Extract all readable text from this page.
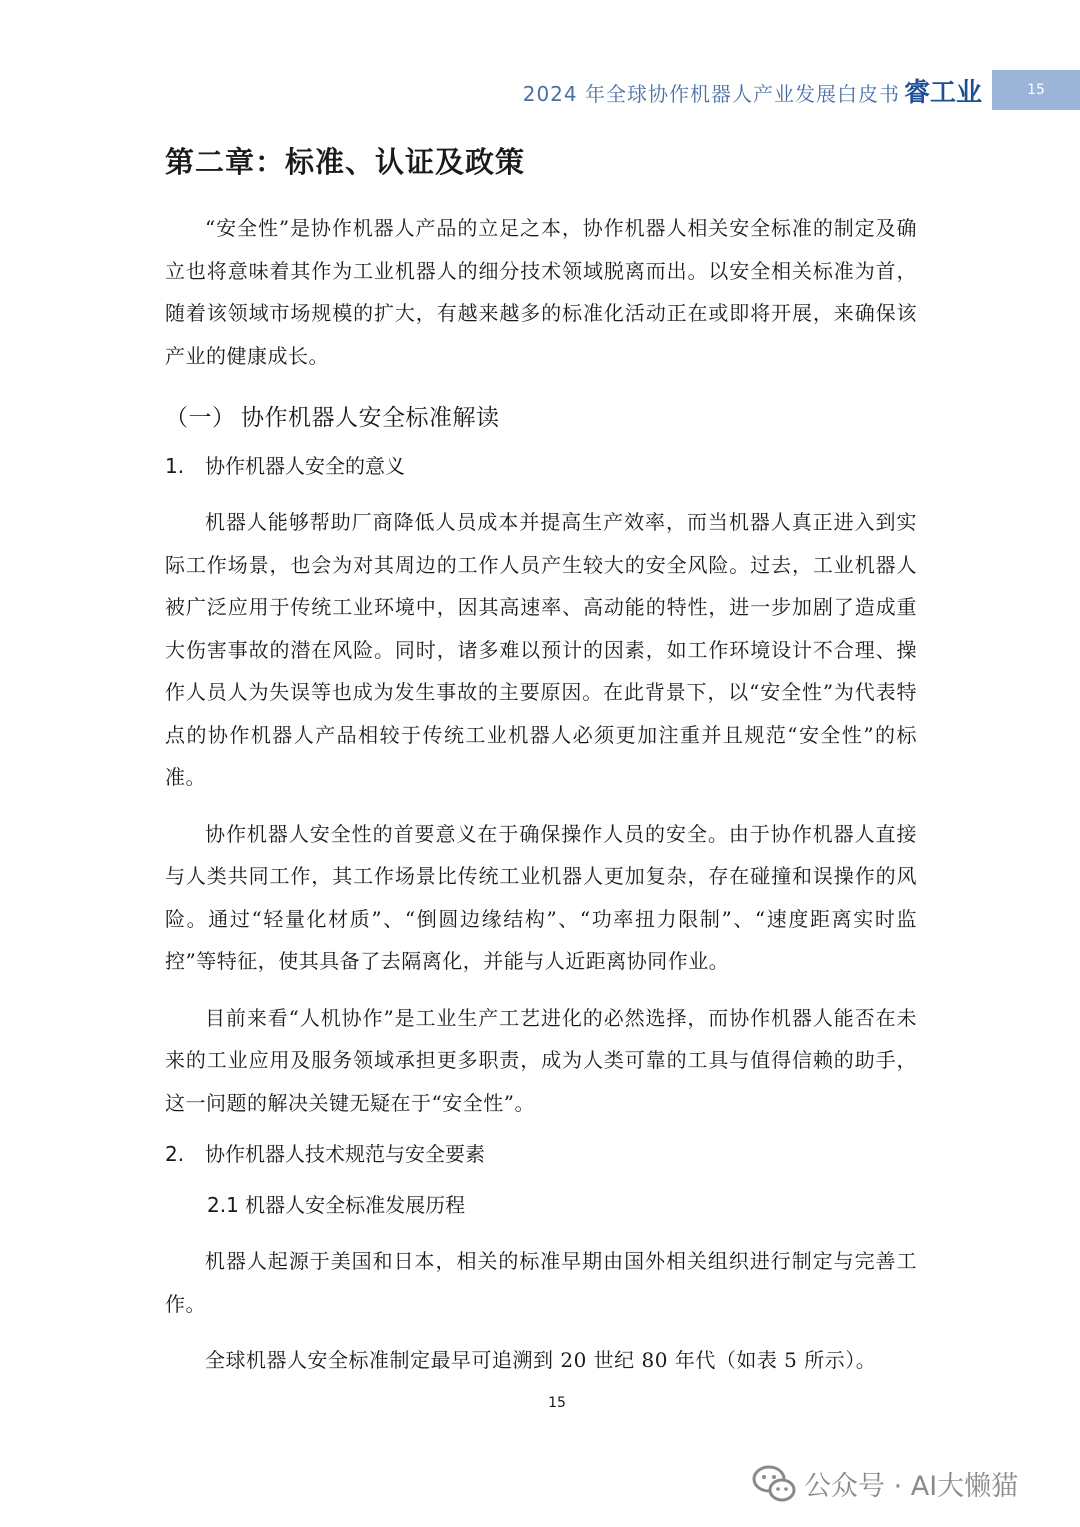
2024 年全球协作机器人产业发展白皮书 睿工业	15
第二章：标准、认证及政策

“安全性”是协作机器人产品的立足之本，协作机器人相关安全标准的制定及确立也将意味着其作为工业机器人的细分技术领域脱离而出。以安全相关标准为首，随着该领域市场规模的扩大，有越来越多的标准化活动正在或即将开展，来确保该产业的健康成长。

（一） 协作机器人安全标准解读
1. 协作机器人安全的意义

机器人能够帮助厂商降低人员成本并提高生产效率，而当机器人真正进入到实际工作场景，也会为对其周边的工作人员产生较大的安全风险。过去，工业机器人被广泛应用于传统工业环境中，因其高速率、高动能的特性，进一步加剧了造成重大伤害事故的潜在风险。同时，诸多难以预计的因素，如工作环境设计不合理、操作人员人为失误等也成为发生事故的主要原因。在此背景下，以“安全性”为代表特点的协作机器人产品相较于传统工业机器人必须更加注重并且规范“安全性”的标准。

协作机器人安全性的首要意义在于确保操作人员的安全。由于协作机器人直接与人类共同工作，其工作场景比传统工业机器人更加复杂，存在碰撞和误操作的风险。通过“轻量化材质”、“倒圆边缘结构”、“功率扭力限制”、“速度距离实时监控”等特征，使其具备了去隔离化，并能与人近距离协同作业。

目前来看“人机协作”是工业生产工艺进化的必然选择，而协作机器人能否在未来的工业应用及服务领域承担更多职责，成为人类可靠的工具与值得信赖的助手，这一问题的解决关键无疑在于“安全性”。

2. 协作机器人技术规范与安全要素
2.1 机器人安全标准发展历程

机器人起源于美国和日本，相关的标准早期由国外相关组织进行制定与完善工作。

全球机器人安全标准制定最早可追溯到 20 世纪 80 年代（如表 5 所示）。

15
公众号 · AI大懒猫
